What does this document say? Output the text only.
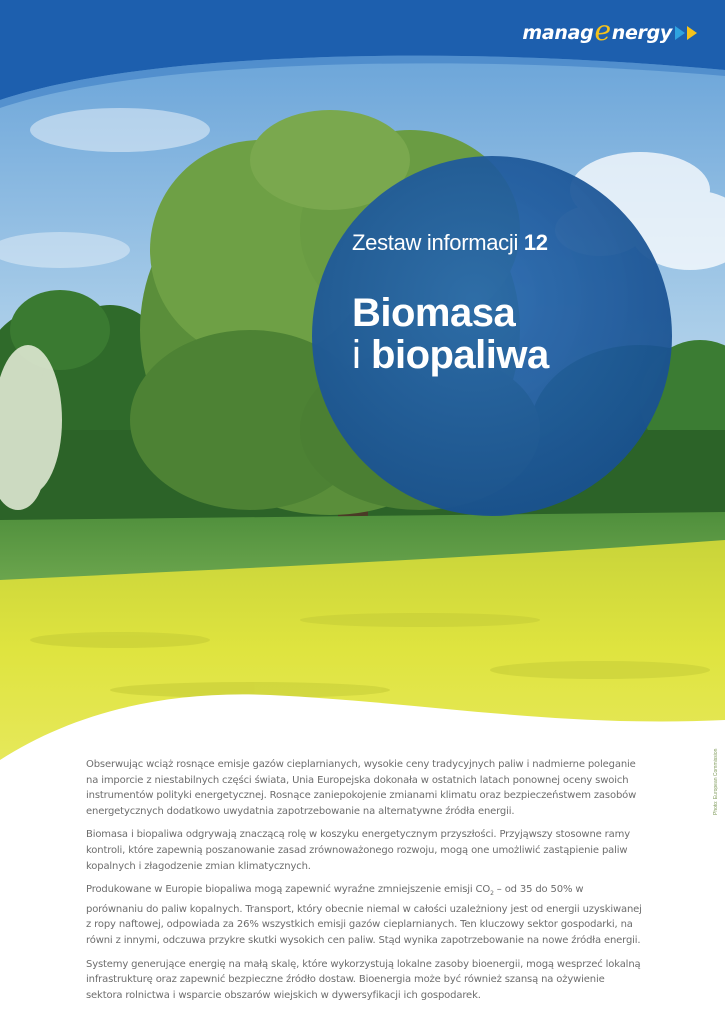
manag e nergy
Zestaw informacji 12
Biomasa
i biopaliwa
Photo: European Commission

Obserwując wciąż rosnące emisje gazów cieplarnianych, wysokie ceny tradycyjnych paliw i nadmierne poleganie na imporcie z niestabilnych części świata, Unia Europejska dokonała w ostatnich latach ponownej oceny swoich instrumentów polityki energetycznej. Rosnące zaniepokojenie zmianami klimatu oraz bezpieczeństwem zasobów energetycznych dodatkowo uwydatnia zapotrzebowanie na alternatywne źródła energii.

Biomasa i biopaliwa odgrywają znaczącą rolę w koszyku energetycznym przyszłości. Przyjąwszy stosowne ramy kontroli, które zapewnią poszanowanie zasad zrównoważonego rozwoju, mogą one umożliwić zastąpienie paliw kopalnych i złagodzenie zmian klimatycznych.

Produkowane w Europie biopaliwa mogą zapewnić wyraźne zmniejszenie emisji $CO_2$ – od 35 do 50% w porównaniu do paliw kopalnych. Transport, który obecnie niemal w całości uzależniony jest od energii uzyskiwanej z ropy naftowej, odpowiada za 26% wszystkich emisji gazów cieplarnianych. Ten kluczowy sektor gospodarki, na równi z innymi, odczuwa przykre skutki wysokich cen paliw. Stąd wynika zapotrzebowanie na nowe źródła energii.

Systemy generujące energię na małą skalę, które wykorzystują lokalne zasoby bioenergii, mogą wesprzeć lokalną infrastrukturę oraz zapewnić bezpieczne źródło dostaw. Bioenergia może być również szansą na ożywienie sektora rolnictwa i wsparcie obszarów wiejskich w dywersyfikacji ich gospodarek.
